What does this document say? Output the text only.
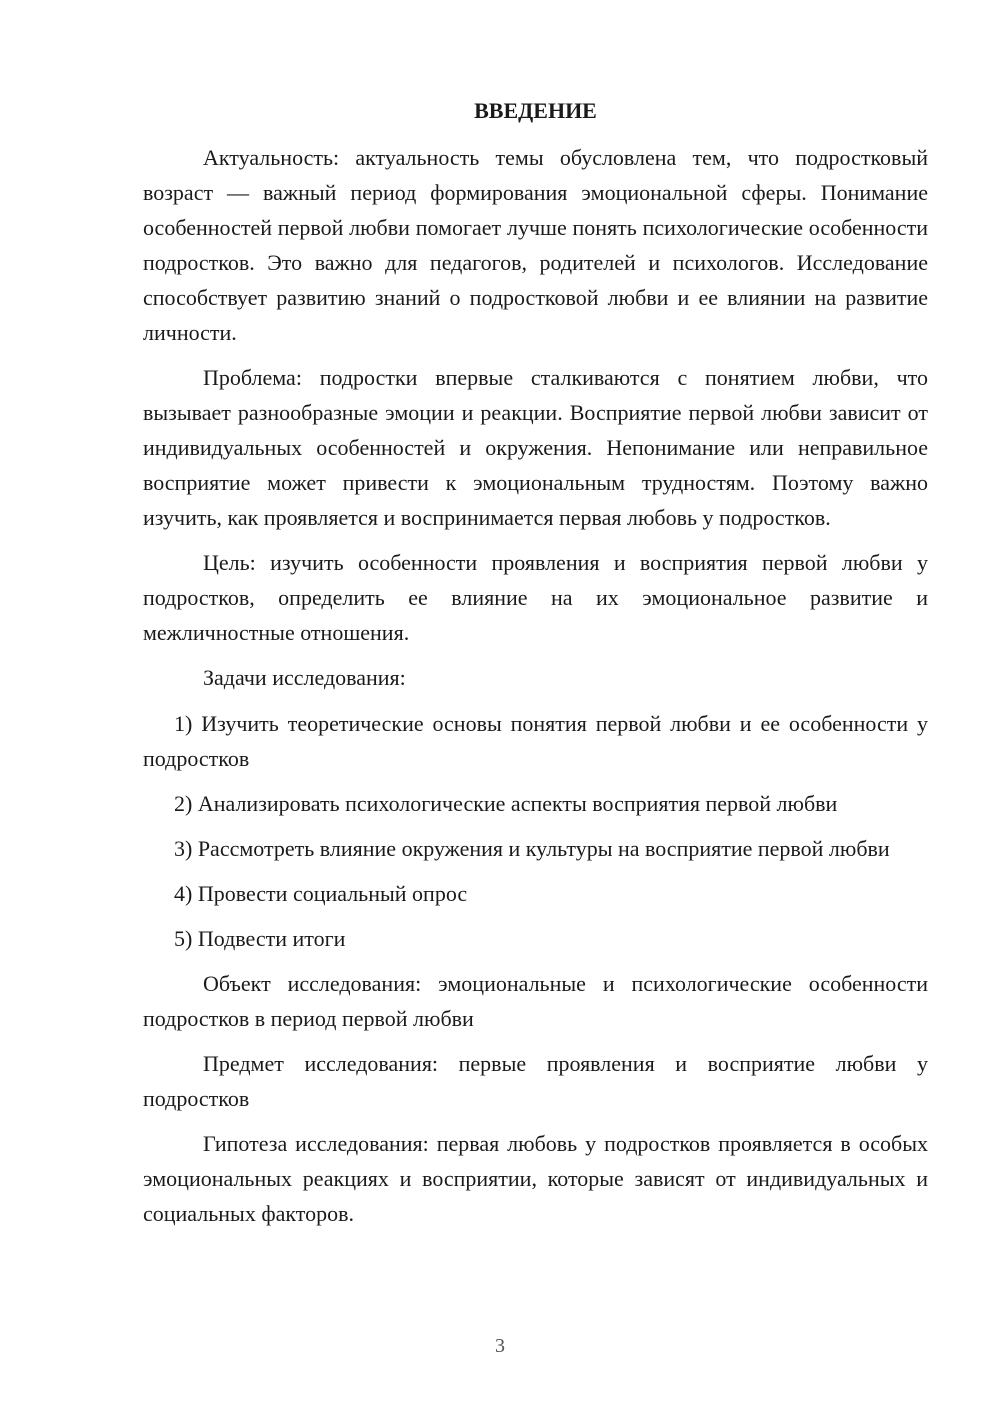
ВВЕДЕНИЕ

Актуальность: актуальность темы обусловлена тем, что подростковый возраст — важный период формирования эмоциональной сферы. Понимание особенностей первой любви помогает лучше понять психологические особенности подростков. Это важно для педагогов, родителей и психологов. Исследование способствует развитию знаний о подростковой любви и ее влиянии на развитие личности.

Проблема: подростки впервые сталкиваются с понятием любви, что вызывает разнообразные эмоции и реакции. Восприятие первой любви зависит от индивидуальных особенностей и окружения. Непонимание или неправильное восприятие может привести к эмоциональным трудностям. Поэтому важно изучить, как проявляется и воспринимается первая любовь у подростков.

Цель: изучить особенности проявления и восприятия первой любви у подростков, определить ее влияние на их эмоциональное развитие и межличностные отношения.

Задачи исследования:

1) Изучить теоретические основы понятия первой любви и ее особенности у подростков

2) Анализировать психологические аспекты восприятия первой любви

3) Рассмотреть влияние окружения и культуры на восприятие первой любви

4) Провести социальный опрос

5) Подвести итоги

Объект исследования: эмоциональные и психологические особенности подростков в период первой любви

Предмет исследования: первые проявления и восприятие любви у подростков

Гипотеза исследования: первая любовь у подростков проявляется в особых эмоциональных реакциях и восприятии, которые зависят от индивидуальных и социальных факторов.

3
